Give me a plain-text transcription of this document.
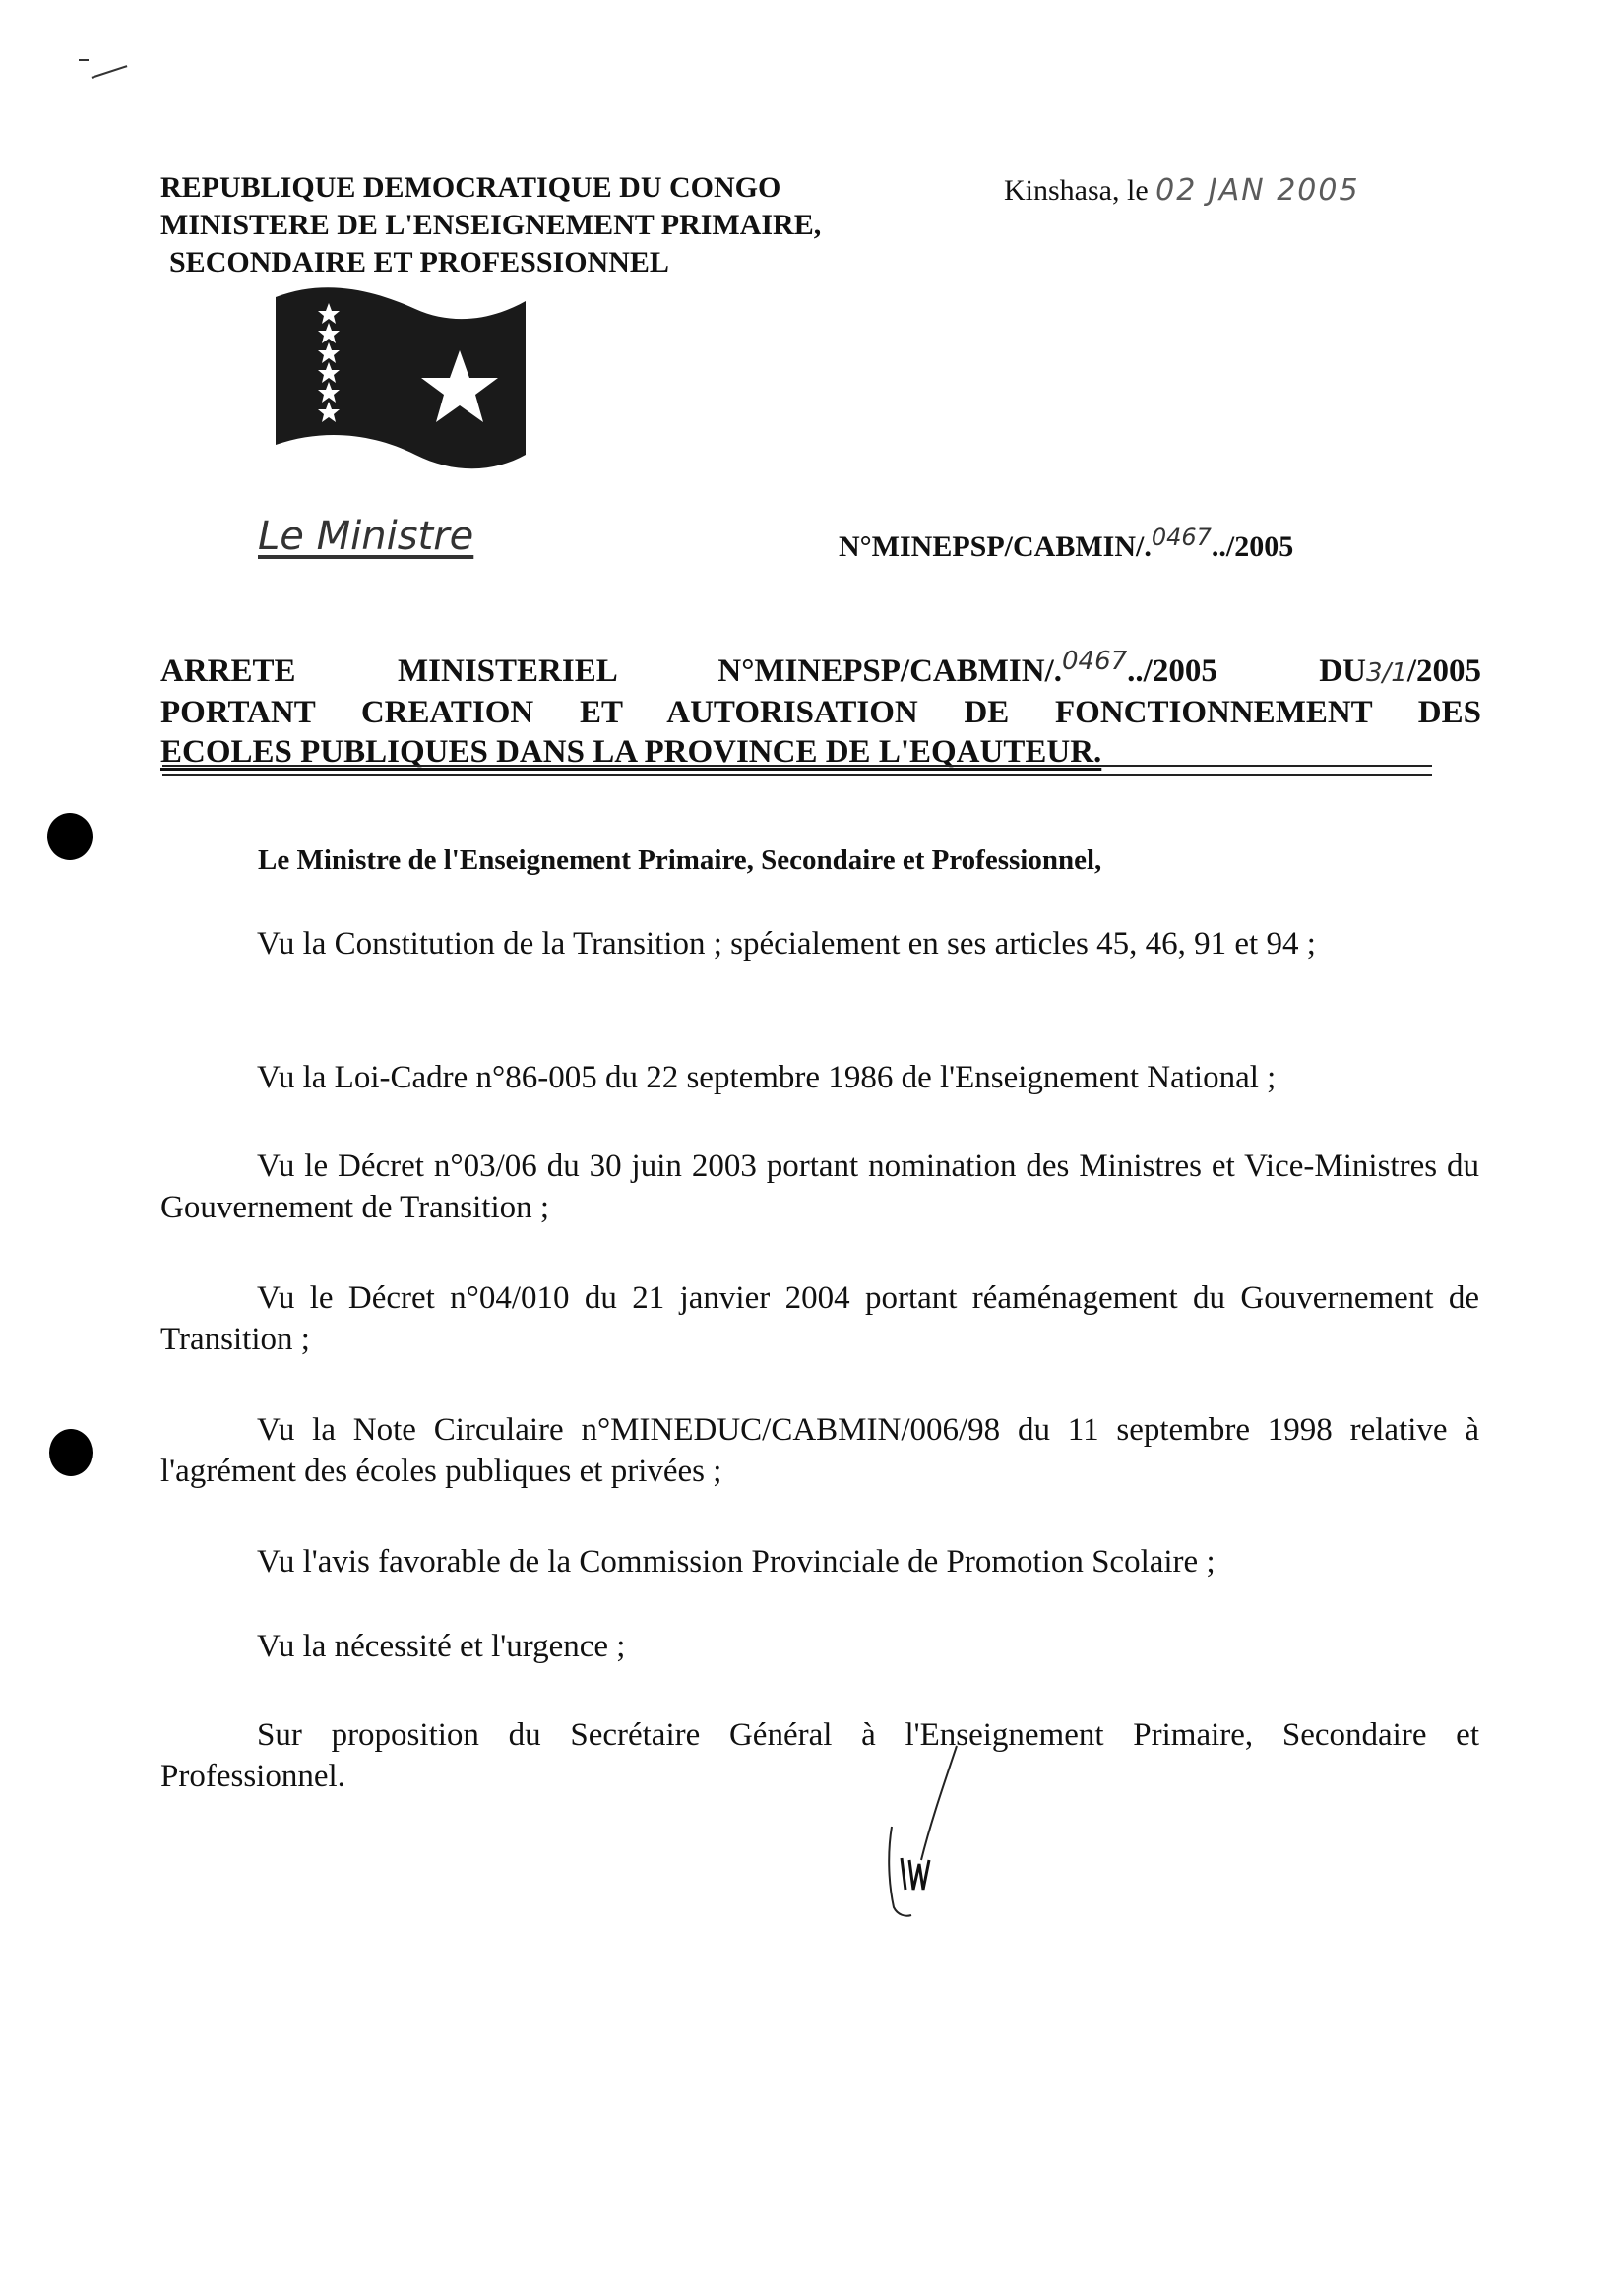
REPUBLIQUE DEMOCRATIQUE DU CONGO
MINISTERE DE L'ENSEIGNEMENT PRIMAIRE,
SECONDAIRE ET PROFESSIONNEL
Kinshasa, le 02 JAN 2005
Le Ministre	N°MINEPSP/CABMIN/.$^{0467}$../2005
ARRETE MINISTERIEL N°MINEPSP/CABMIN/.$^{0467}$../2005 DU3/1/2005
PORTANT CREATION ET AUTORISATION DE FONCTIONNEMENT DES
ECOLES PUBLIQUES DANS LA PROVINCE DE L'EQAUTEUR.
Le Ministre de l'Enseignement Primaire, Secondaire et Professionnel,

Vu la Constitution de la Transition ; spécialement en ses articles 45, 46, 91 et 94 ;

Vu la Loi-Cadre n°86-005 du 22 septembre 1986 de l'Enseignement National ;

Vu le Décret n°03/06 du 30 juin 2003 portant nomination des Ministres et Vice-Ministres du Gouvernement de Transition ;

Vu le Décret n°04/010 du 21 janvier 2004 portant réaménagement du Gouvernement de Transition ;

Vu la Note Circulaire n°MINEDUC/CABMIN/006/98 du 11 septembre 1998 relative à l'agrément des écoles publiques et privées ;

Vu l'avis favorable de la Commission Provinciale de Promotion Scolaire ;

Vu la nécessité et l'urgence ;

Sur proposition du Secrétaire Général à l'Enseignement Primaire, Secondaire et Professionnel.
